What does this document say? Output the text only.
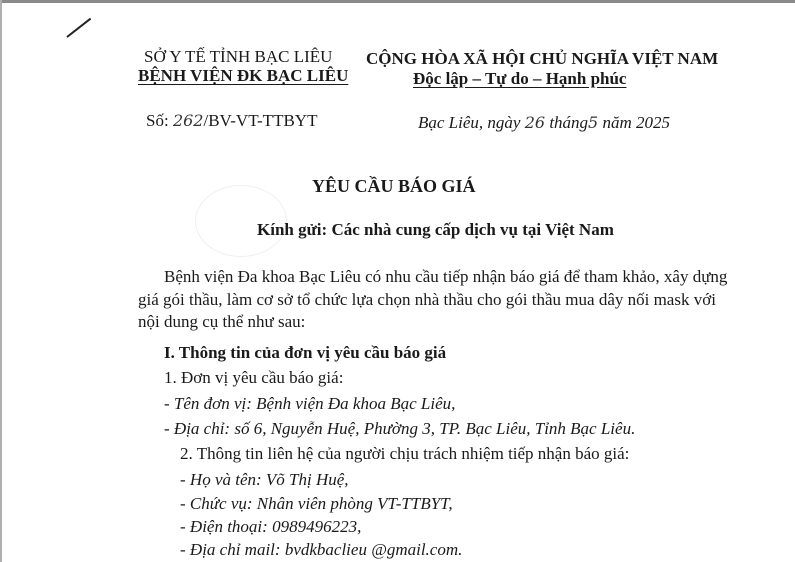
SỞ Y TẾ TỈNH BẠC LIÊU
BỆNH VIỆN ĐK BẠC LIÊU
CỘNG HÒA XÃ HỘI CHỦ NGHĨA VIỆT NAM
Độc lập – Tự do – Hạnh phúc
Số: 262/BV-VT-TTBYT	Bạc Liêu, ngày 26 tháng5 năm 2025
YÊU CẦU BÁO GIÁ
Kính gửi: Các nhà cung cấp dịch vụ tại Việt Nam
Bệnh viện Đa khoa Bạc Liêu có nhu cầu tiếp nhận báo giá để tham khảo, xây dựng
giá gói thầu, làm cơ sở tổ chức lựa chọn nhà thầu cho gói thầu mua dây nối mask với
nội dung cụ thể như sau:
I. Thông tin của đơn vị yêu cầu báo giá
1. Đơn vị yêu cầu báo giá:
- Tên đơn vị: Bệnh viện Đa khoa Bạc Liêu,
- Địa chỉ: số 6, Nguyễn Huệ, Phường 3, TP. Bạc Liêu, Tỉnh Bạc Liêu.
2. Thông tin liên hệ của người chịu trách nhiệm tiếp nhận báo giá:
- Họ và tên: Võ Thị Huệ,
- Chức vụ: Nhân viên phòng VT-TTBYT,
- Điện thoại: 0989496223,
- Địa chỉ mail: bvdkbaclieu @gmail.com.
